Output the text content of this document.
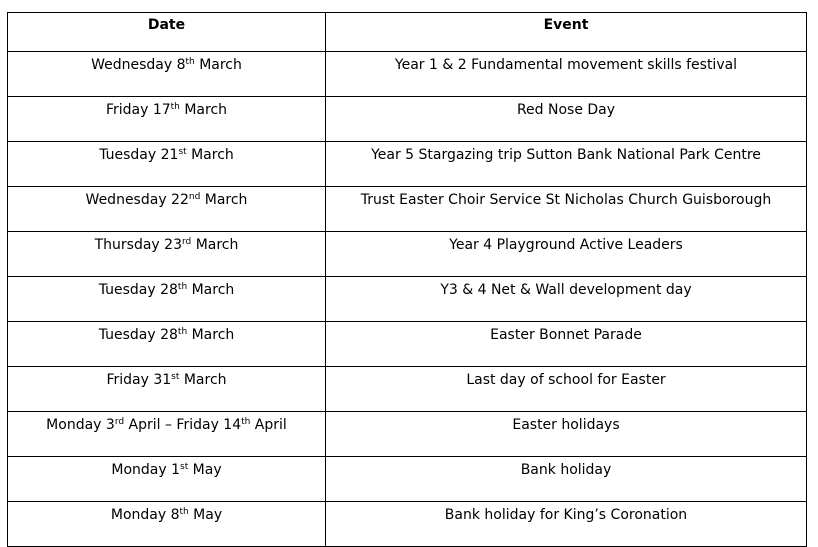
Date	Event
Wednesday 8th March	Year 1 & 2 Fundamental movement skills festival
Friday 17th March	Red Nose Day
Tuesday 21st March	Year 5 Stargazing trip Sutton Bank National Park Centre
Wednesday 22nd March	Trust Easter Choir Service St Nicholas Church Guisborough
Thursday 23rd March	Year 4 Playground Active Leaders
Tuesday 28th March	Y3 & 4 Net & Wall development day
Tuesday 28th March	Easter Bonnet Parade
Friday 31st March	Last day of school for Easter
Monday 3rd April – Friday 14th April	Easter holidays
Monday 1st May	Bank holiday
Monday 8th May	Bank holiday for King’s Coronation
